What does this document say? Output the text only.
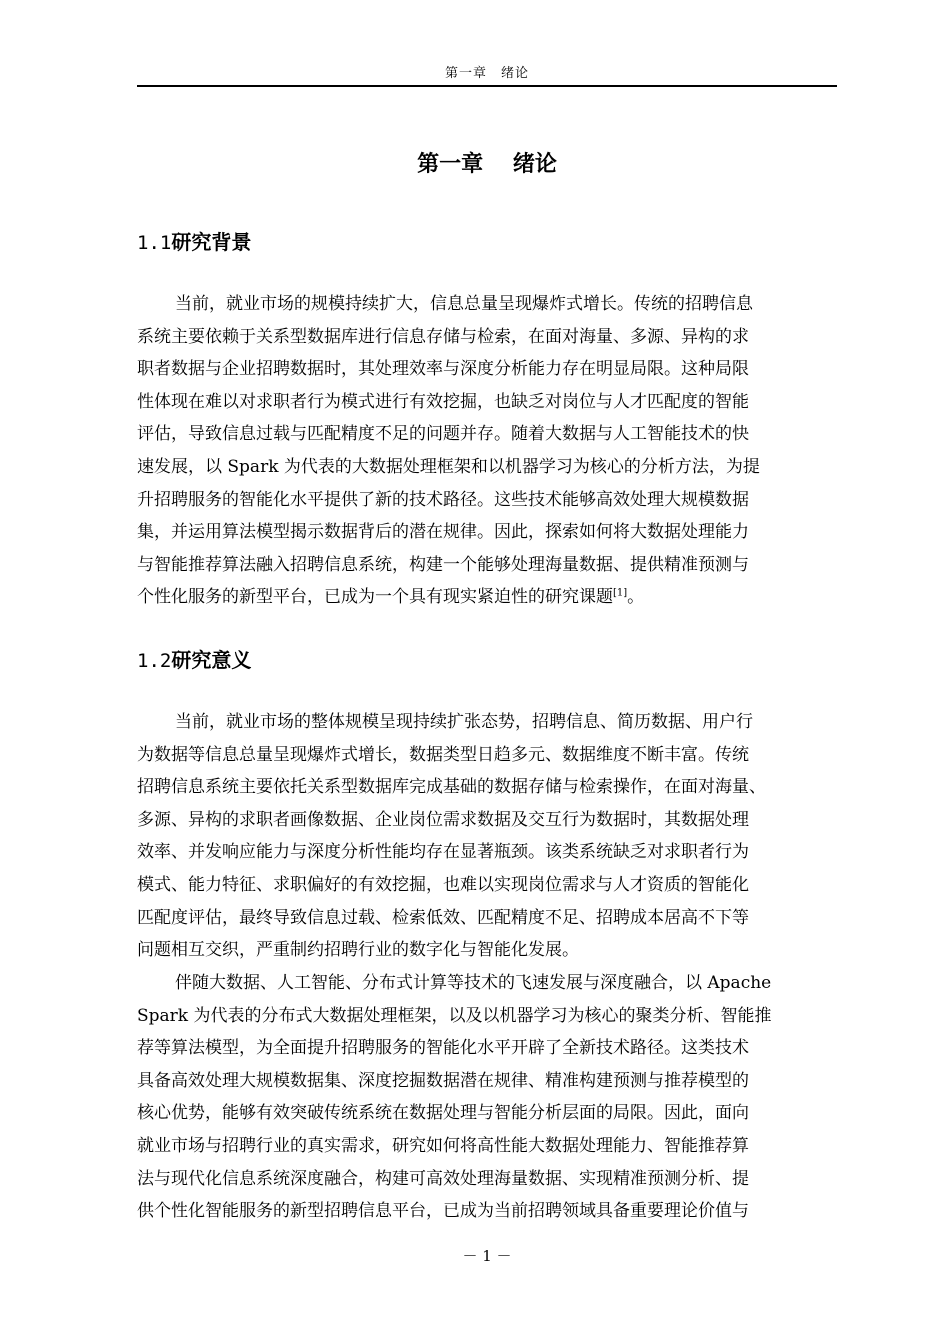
第一章　绪论
第一章　 绪论
1.1研究背景
当前，就业市场的规模持续扩大，信息总量呈现爆炸式增长。传统的招聘信息
系统主要依赖于关系型数据库进行信息存储与检索，在面对海量、多源、异构的求
职者数据与企业招聘数据时，其处理效率与深度分析能力存在明显局限。这种局限
性体现在难以对求职者行为模式进行有效挖掘，也缺乏对岗位与人才匹配度的智能
评估，导致信息过载与匹配精度不足的问题并存。随着大数据与人工智能技术的快
速发展，以 Spark 为代表的大数据处理框架和以机器学习为核心的分析方法，为提
升招聘服务的智能化水平提供了新的技术路径。这些技术能够高效处理大规模数据
集，并运用算法模型揭示数据背后的潜在规律。因此，探索如何将大数据处理能力
与智能推荐算法融入招聘信息系统，构建一个能够处理海量数据、提供精准预测与
个性化服务的新型平台，已成为一个具有现实紧迫性的研究课题[1]。
1.2研究意义
当前，就业市场的整体规模呈现持续扩张态势，招聘信息、简历数据、用户行
为数据等信息总量呈现爆炸式增长，数据类型日趋多元、数据维度不断丰富。传统
招聘信息系统主要依托关系型数据库完成基础的数据存储与检索操作，在面对海量、
多源、异构的求职者画像数据、企业岗位需求数据及交互行为数据时，其数据处理
效率、并发响应能力与深度分析性能均存在显著瓶颈。该类系统缺乏对求职者行为
模式、能力特征、求职偏好的有效挖掘，也难以实现岗位需求与人才资质的智能化
匹配度评估，最终导致信息过载、检索低效、匹配精度不足、招聘成本居高不下等
问题相互交织，严重制约招聘行业的数字化与智能化发展。
伴随大数据、人工智能、分布式计算等技术的飞速发展与深度融合，以 Apache
Spark 为代表的分布式大数据处理框架，以及以机器学习为核心的聚类分析、智能推
荐等算法模型，为全面提升招聘服务的智能化水平开辟了全新技术路径。这类技术
具备高效处理大规模数据集、深度挖掘数据潜在规律、精准构建预测与推荐模型的
核心优势，能够有效突破传统系统在数据处理与智能分析层面的局限。因此，面向
就业市场与招聘行业的真实需求，研究如何将高性能大数据处理能力、智能推荐算
法与现代化信息系统深度融合，构建可高效处理海量数据、实现精准预测分析、提
供个性化智能服务的新型招聘信息平台，已成为当前招聘领域具备重要理论价值与
－ 1 －
